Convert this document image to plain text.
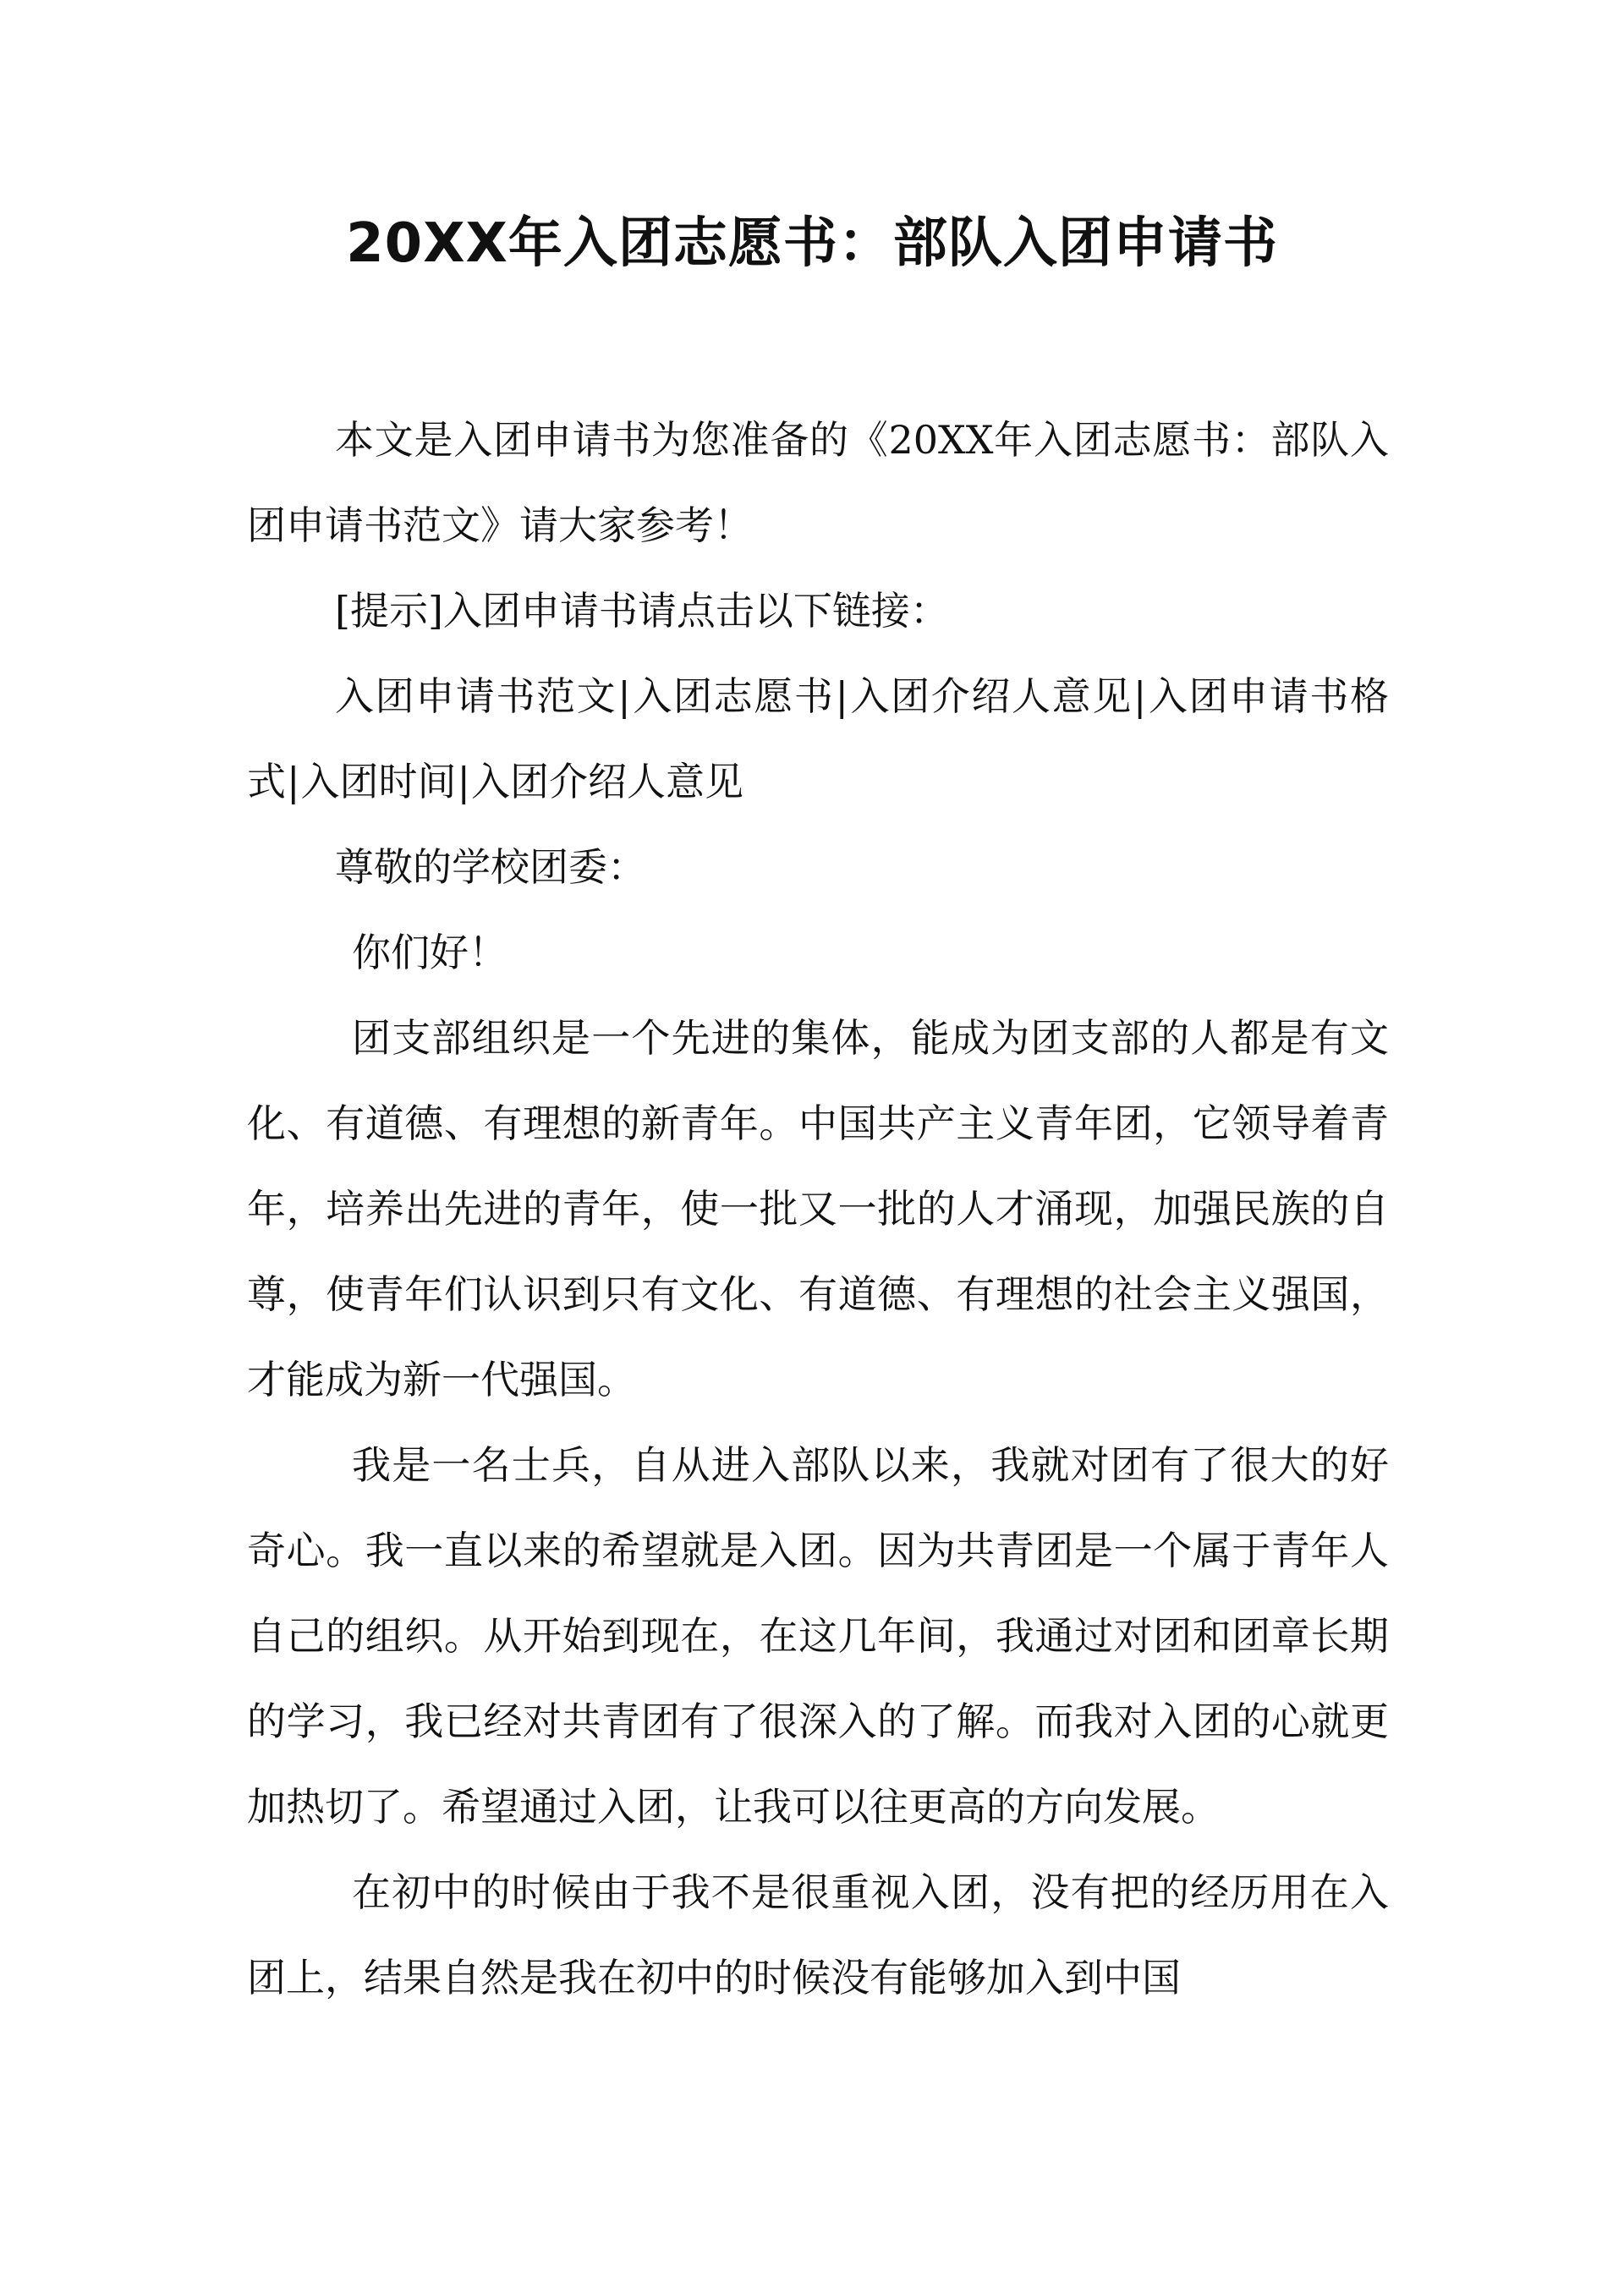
20XX年入团志愿书：部队入团申请书

本文是入团申请书为您准备的《20XX年入团志愿书：部队入团申请书范文》请大家参考！

[提示]入团申请书请点击以下链接：

入团申请书范文|入团志愿书|入团介绍人意见|入团申请书格式|入团时间|入团介绍人意见

尊敬的学校团委：

你们好！

团支部组织是一个先进的集体，能成为团支部的人都是有文化、有道德、有理想的新青年。中国共产主义青年团，它领导着青年，培养出先进的青年，使一批又一批的人才涌现，加强民族的自尊，使青年们认识到只有文化、有道德、有理想的社会主义强国，才能成为新一代强国。

我是一名士兵，自从进入部队以来，我就对团有了很大的好奇心。我一直以来的希望就是入团。因为共青团是一个属于青年人自己的组织。从开始到现在，在这几年间，我通过对团和团章长期的学习，我已经对共青团有了很深入的了解。而我对入团的心就更加热切了。希望通过入团，让我可以往更高的方向发展。

在初中的时候由于我不是很重视入团，没有把的经历用在入团上，结果自然是我在初中的时候没有能够加入到中国
